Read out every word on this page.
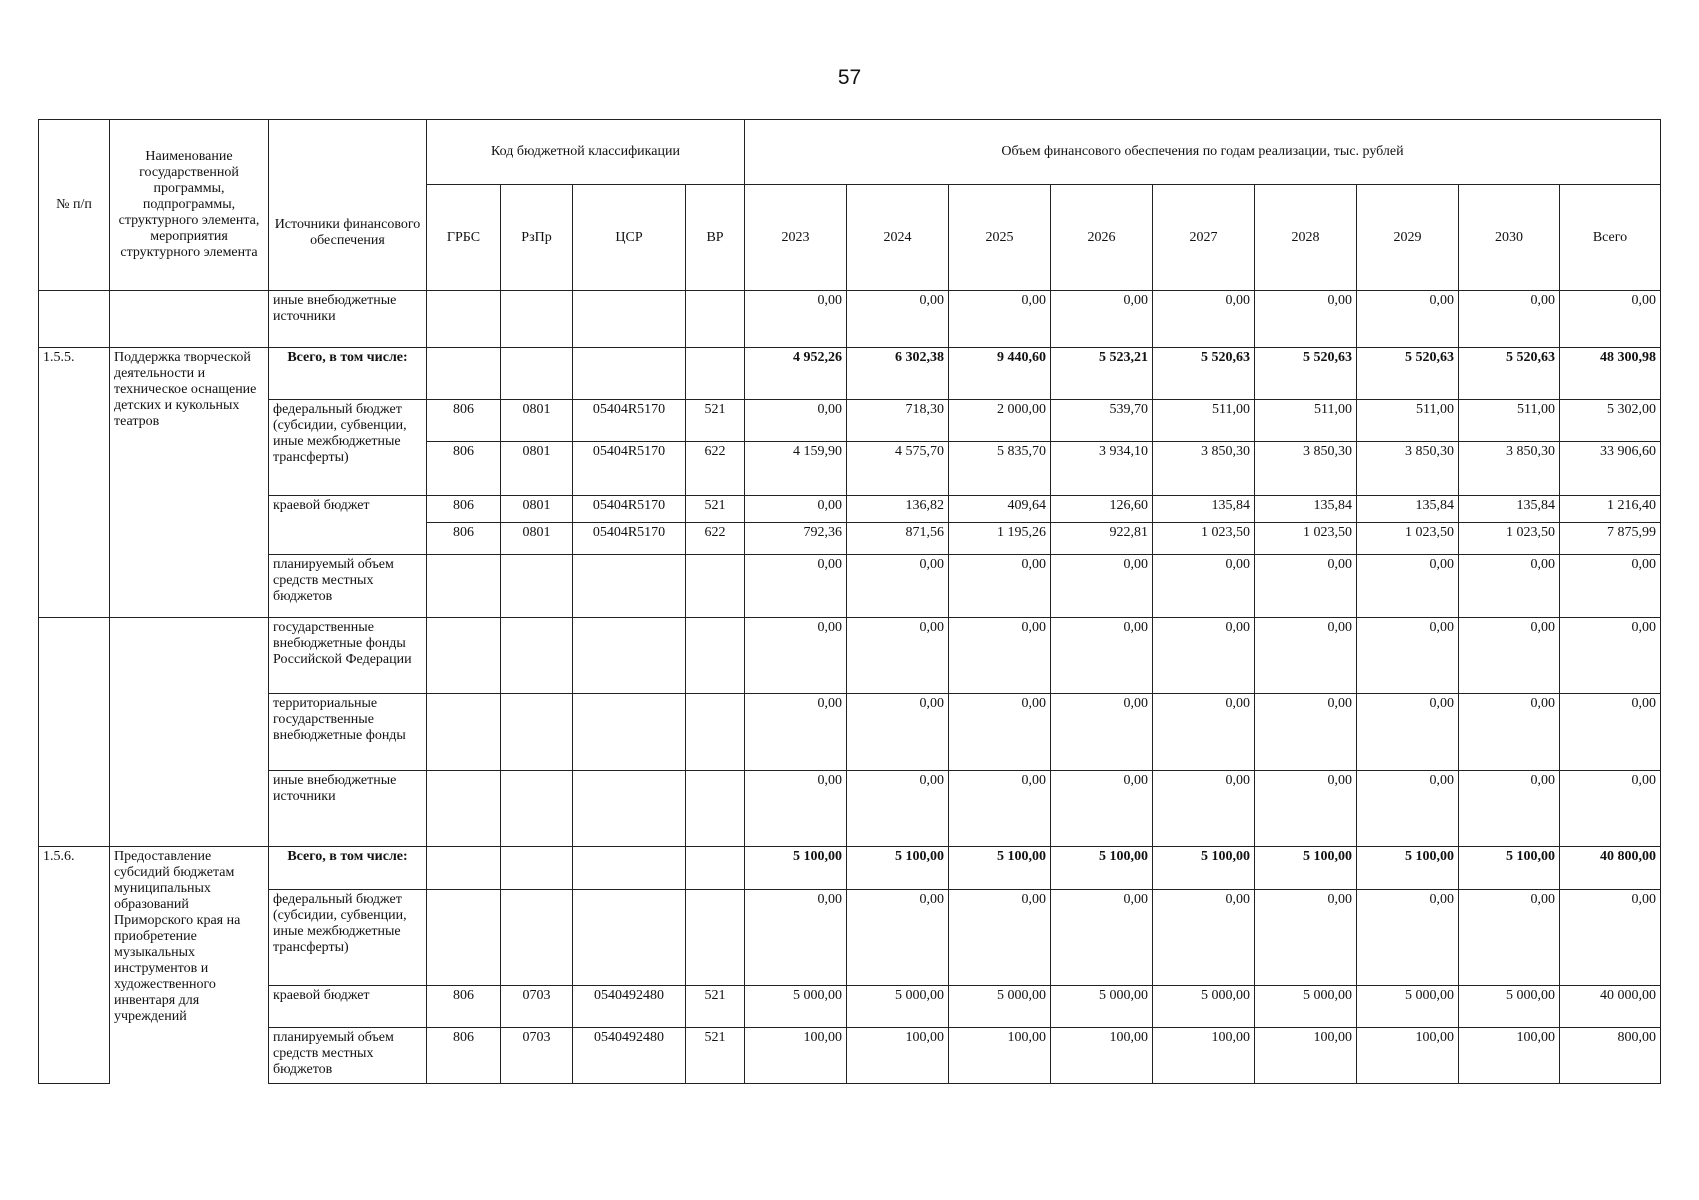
57
№ п/п	Наименование государственной программы, подпрограммы, структурного элемента, мероприятия структурного элемента	Источники финансового обеспечения	Код бюджетной классификации				Объем финансового обеспечения по годам реализации, тыс. рублей								
			ГРБС	РзПр	ЦСР	ВР	2023	2024	2025	2026	2027	2028	2029	2030	Всего
		иные внебюджетные источники					0,00	0,00	0,00	0,00	0,00	0,00	0,00	0,00	0,00
1.5.5.	Поддержка творческой деятельности и техническое оснащение детских и кукольных театров	Всего, в том числе:					4 952,26	6 302,38	9 440,60	5 523,21	5 520,63	5 520,63	5 520,63	5 520,63	48 300,98
		федеральный бюджет (субсидии, субвенции, иные межбюджетные трансферты)	806	0801	05404R5170	521	0,00	718,30	2 000,00	539,70	511,00	511,00	511,00	511,00	5 302,00
			806	0801	05404R5170	622	4 159,90	4 575,70	5 835,70	3 934,10	3 850,30	3 850,30	3 850,30	3 850,30	33 906,60
		краевой бюджет	806	0801	05404R5170	521	0,00	136,82	409,64	126,60	135,84	135,84	135,84	135,84	1 216,40
			806	0801	05404R5170	622	792,36	871,56	1 195,26	922,81	1 023,50	1 023,50	1 023,50	1 023,50	7 875,99
		планируемый объем средств местных бюджетов					0,00	0,00	0,00	0,00	0,00	0,00	0,00	0,00	0,00
		государственные внебюджетные фонды Российской Федерации					0,00	0,00	0,00	0,00	0,00	0,00	0,00	0,00	0,00
		территориальные государственные внебюджетные фонды					0,00	0,00	0,00	0,00	0,00	0,00	0,00	0,00	0,00
		иные внебюджетные источники					0,00	0,00	0,00	0,00	0,00	0,00	0,00	0,00	0,00
1.5.6.	Предоставление субсидий бюджетам муниципальных образований Приморского края на приобретение музыкальных инструментов и художественного инвентаря для учреждений	Всего, в том числе:					5 100,00	5 100,00	5 100,00	5 100,00	5 100,00	5 100,00	5 100,00	5 100,00	40 800,00
		федеральный бюджет (субсидии, субвенции, иные межбюджетные трансферты)					0,00	0,00	0,00	0,00	0,00	0,00	0,00	0,00	0,00
		краевой бюджет	806	0703	0540492480	521	5 000,00	5 000,00	5 000,00	5 000,00	5 000,00	5 000,00	5 000,00	5 000,00	40 000,00
		планируемый объем средств местных бюджетов	806	0703	0540492480	521	100,00	100,00	100,00	100,00	100,00	100,00	100,00	100,00	800,00
